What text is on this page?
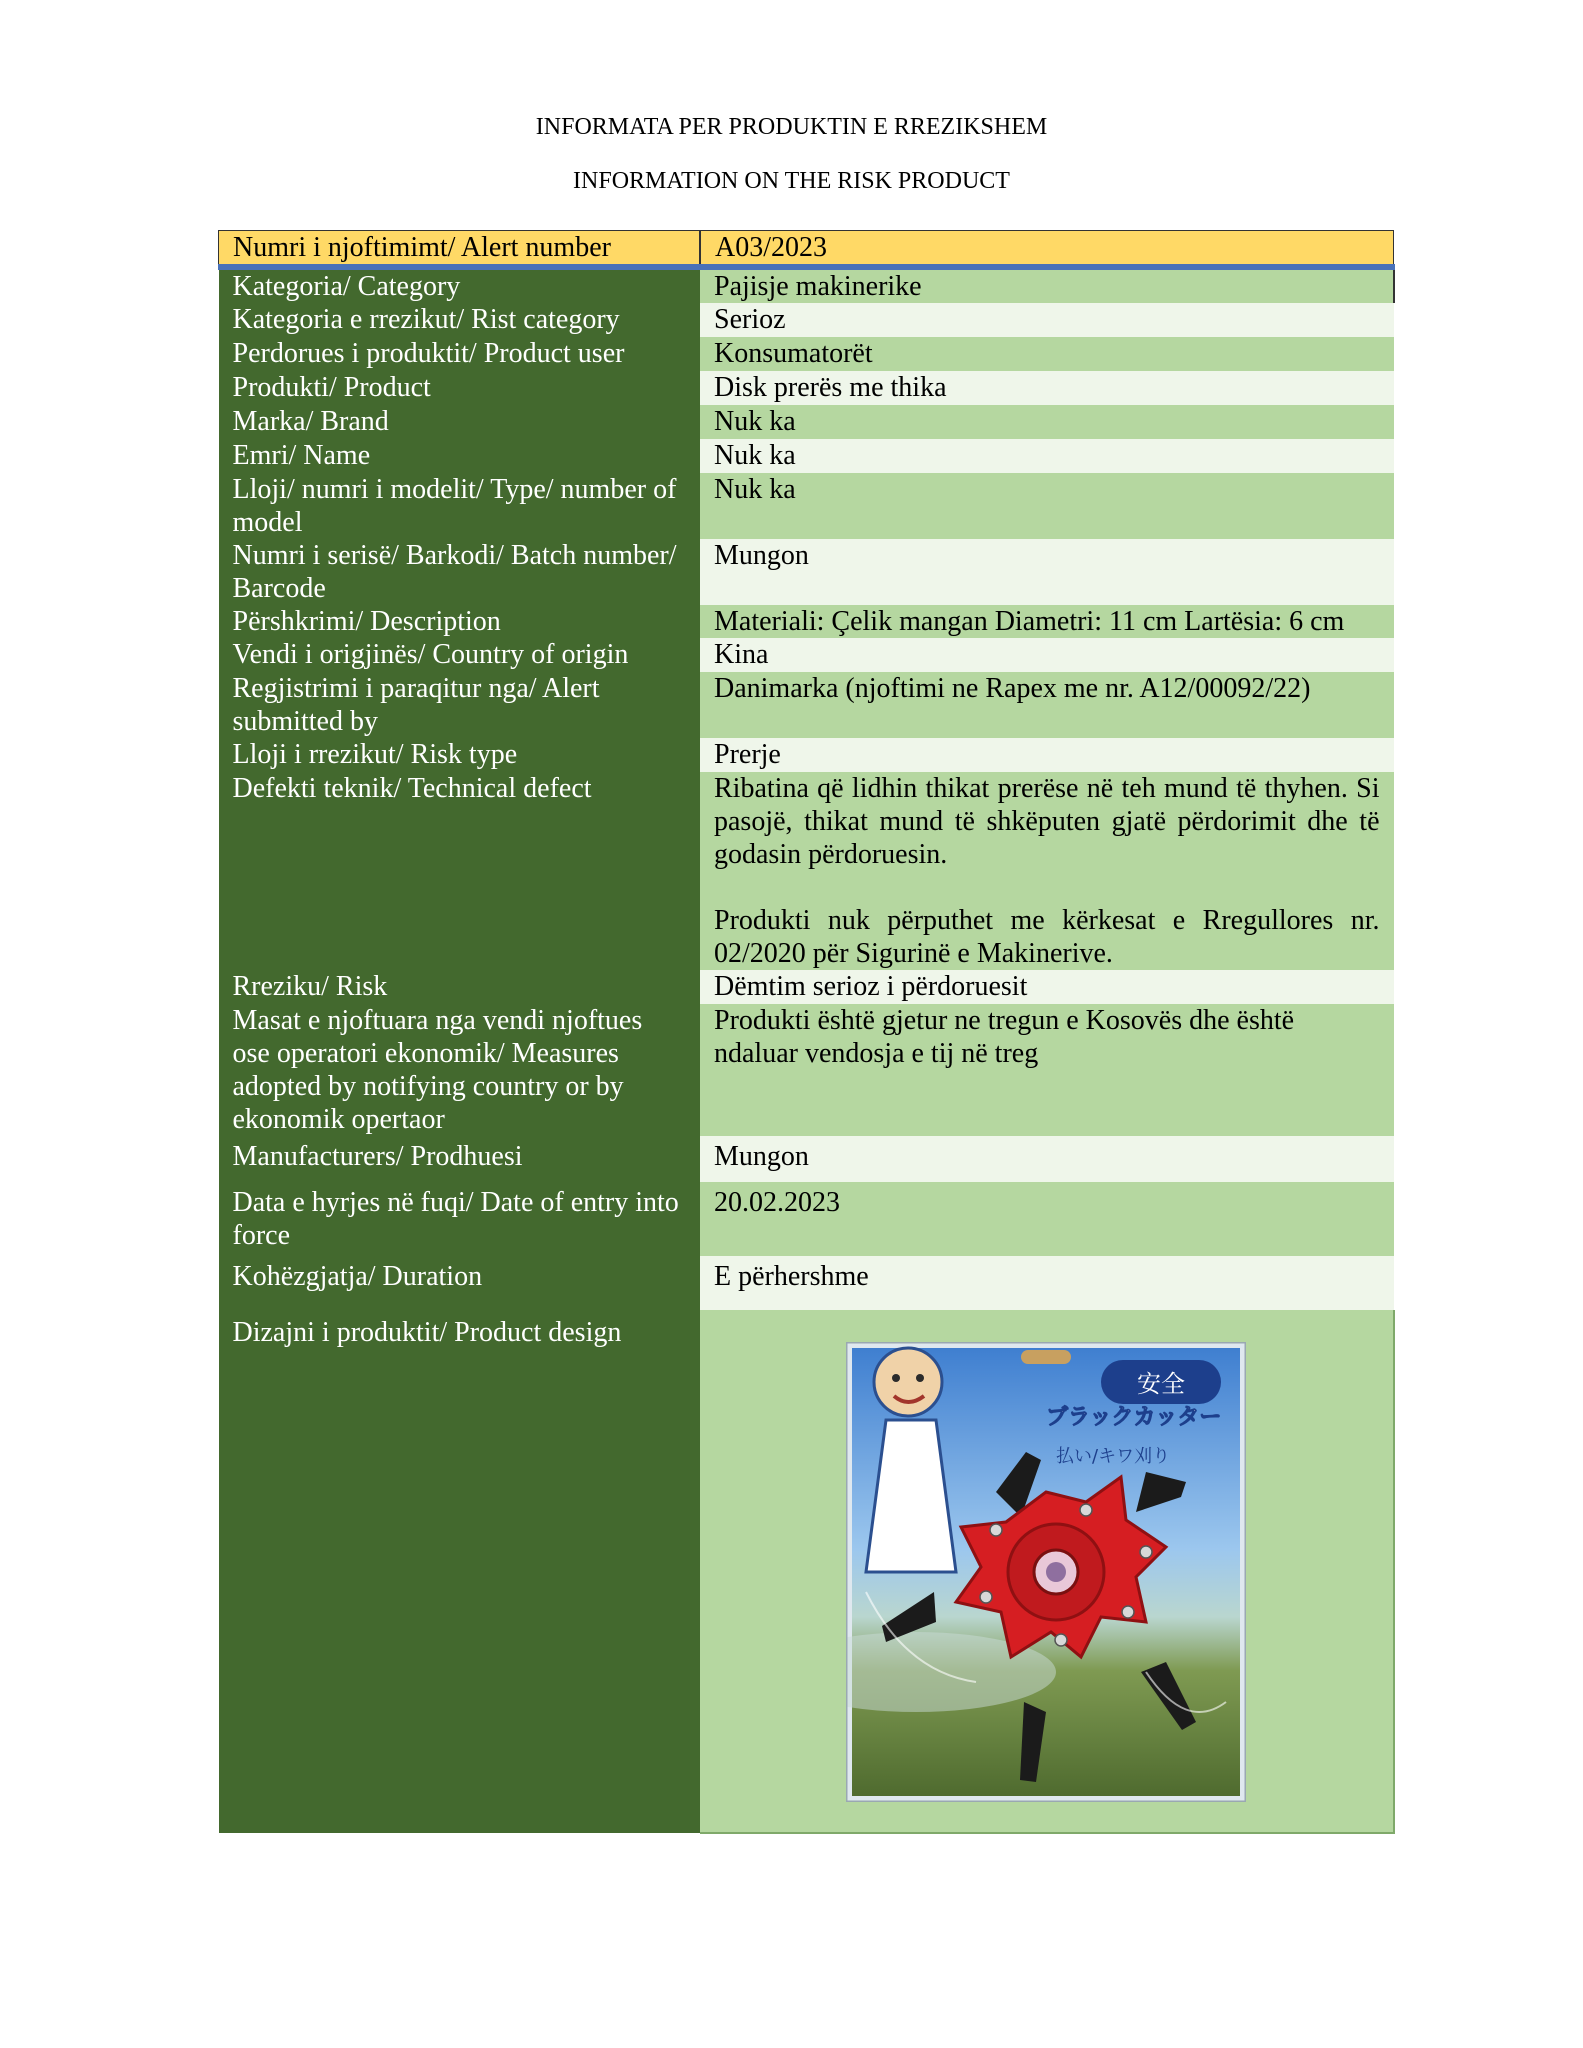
INFORMATA PER PRODUKTIN E RREZIKSHEM
INFORMATION ON THE RISK PRODUCT
Numri i njoftimimt/ Alert number	A03/2023
Kategoria/ Category	Pajisje makinerike
Kategoria e rrezikut/ Rist category	Serioz
Perdorues i produktit/ Product user	Konsumatorët
Produkti/ Product	Disk prerës me thika
Marka/ Brand	Nuk ka
Emri/ Name	Nuk ka
Lloji/ numri i modelit/ Type/ number of model	Nuk ka
Numri i serisë/ Barkodi/ Batch number/ Barcode	Mungon
Përshkrimi/ Description	Materiali: Çelik mangan Diametri: 11 cm Lartësia: 6 cm
Vendi i origjinës/ Country of origin	Kina
Regjistrimi i paraqitur nga/ Alert submitted by	Danimarka (njoftimi ne Rapex me nr. A12/00092/22)
Lloji i rrezikut/ Risk type	Prerje
Defekti teknik/ Technical defect	Ribatina që lidhin thikat prerëse në teh mund të thyhen. Si pasojë, thikat mund të shkëputen gjatë përdorimit dhe të godasin përdoruesin.
Produkti nuk përputhet me kërkesat e Rregullores nr. 02/2020 për Sigurinë e Makinerive.

Rreziku/ Risk	Dëmtim serioz i përdoruesit
Masat e njoftuara nga vendi njoftues ose operatori ekonomik/ Measures adopted by notifying country or by ekonomik opertaor	Produkti është gjetur ne tregun e Kosovës dhe është ndaluar vendosja e tij në treg
Manufacturers/ Prodhuesi	Mungon
Data e hyrjes në fuqi/ Date of entry into force	20.02.2023
Kohëzgjatja/ Duration	E përhershme
Dizajni i produktit/ Product design	安全
ブラックカッター
払い/キワ刈り
